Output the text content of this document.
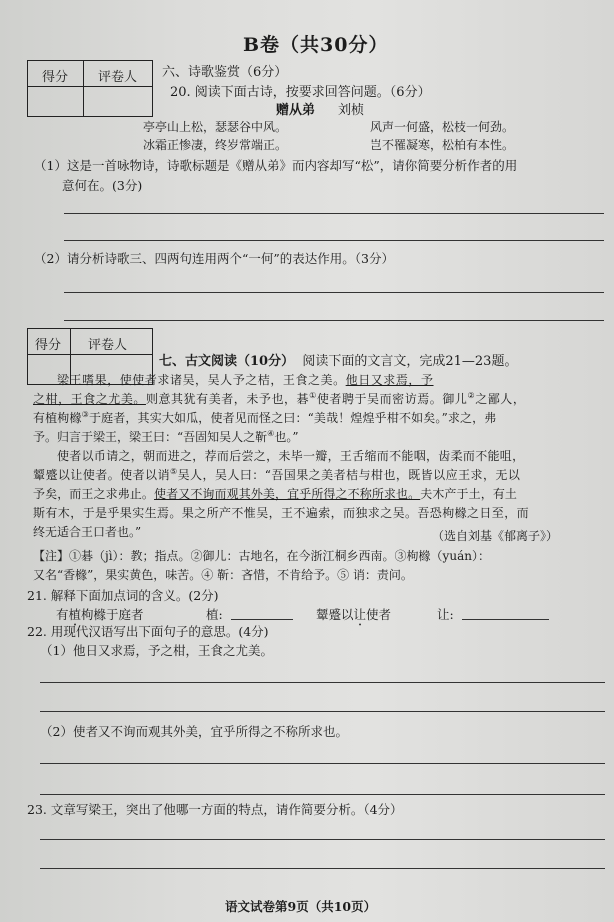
B卷（共30分）
得分 评卷人 六、诗歌鉴赏（6分）
20. 阅读下面古诗，按要求回答问题。（6分）
赠从弟 刘桢
亭亭山上松，瑟瑟谷中风。	风声一何盛，松枝一何劲。
冰霜正惨凄，终岁常端正。	岂不罹凝寒，松柏有本性。
（1）这是一首咏物诗，诗歌标题是《赠从弟》而内容却写“松”，请你简要分析作者的用
意何在。(3分)
（2）请分析诗歌三、四两句连用两个“一何”的表达作用。（3分）
得分 评卷人
七、古文阅读（10分） 阅读下面的文言文，完成21—23题。
梁王嗜果，使使者求诸吴，吴人予之桔，王食之美。他日又求焉，予
之柑，王食之尤美。则意其犹有美者，未予也，碁①使者聘于吴而密访焉。御儿②之鄙人，
有植枸橼③于庭者，其实大如瓜，使者见而怪之曰：“美哉！煌煌乎柑不如矣。”求之，弗
予。归言于梁王，梁王曰：“吾固知吴人之靳④也。”
使者以币请之，朝而进之，荐而后尝之，未毕一瓣，王舌缩而不能咽，齿柔而不能咀，
颦蹙以让使者。使者以诮⑤吴人，吴人曰：“吾国果之美者桔与柑也，既皆以应王求，无以
予矣，而王之求弗止。使者又不询而观其外美，宜乎所得之不称所求也。夫木产于土，有土
斯有木，于是乎果实生焉。果之所产不惟吴，王不遍索，而独求之吴。吾恐枸橼之日至，而
终无适合王口者也。”	（选自刘基《郁离子》）
【注】①碁（jì）：教；指点。②御儿：古地名，在今浙江桐乡西南。③枸橼（yuán）：
又名“香橼”，果实黄色，味苦。④ 靳：吝惜，不肯给予。⑤ 诮：责问。
21. 解释下面加点词的含义。(2分)
有植枸橼于庭者	植:	颦蹙以让使者	让:
22. 用现代汉语写出下面句子的意思。(4分)
（1）他日又求焉，予之柑，王食之尤美。
（2）使者又不询而观其外美，宜乎所得之不称所求也。
23. 文章写梁王，突出了他哪一方面的特点，请作简要分析。（4分）
语文试卷第9页（共10页）
